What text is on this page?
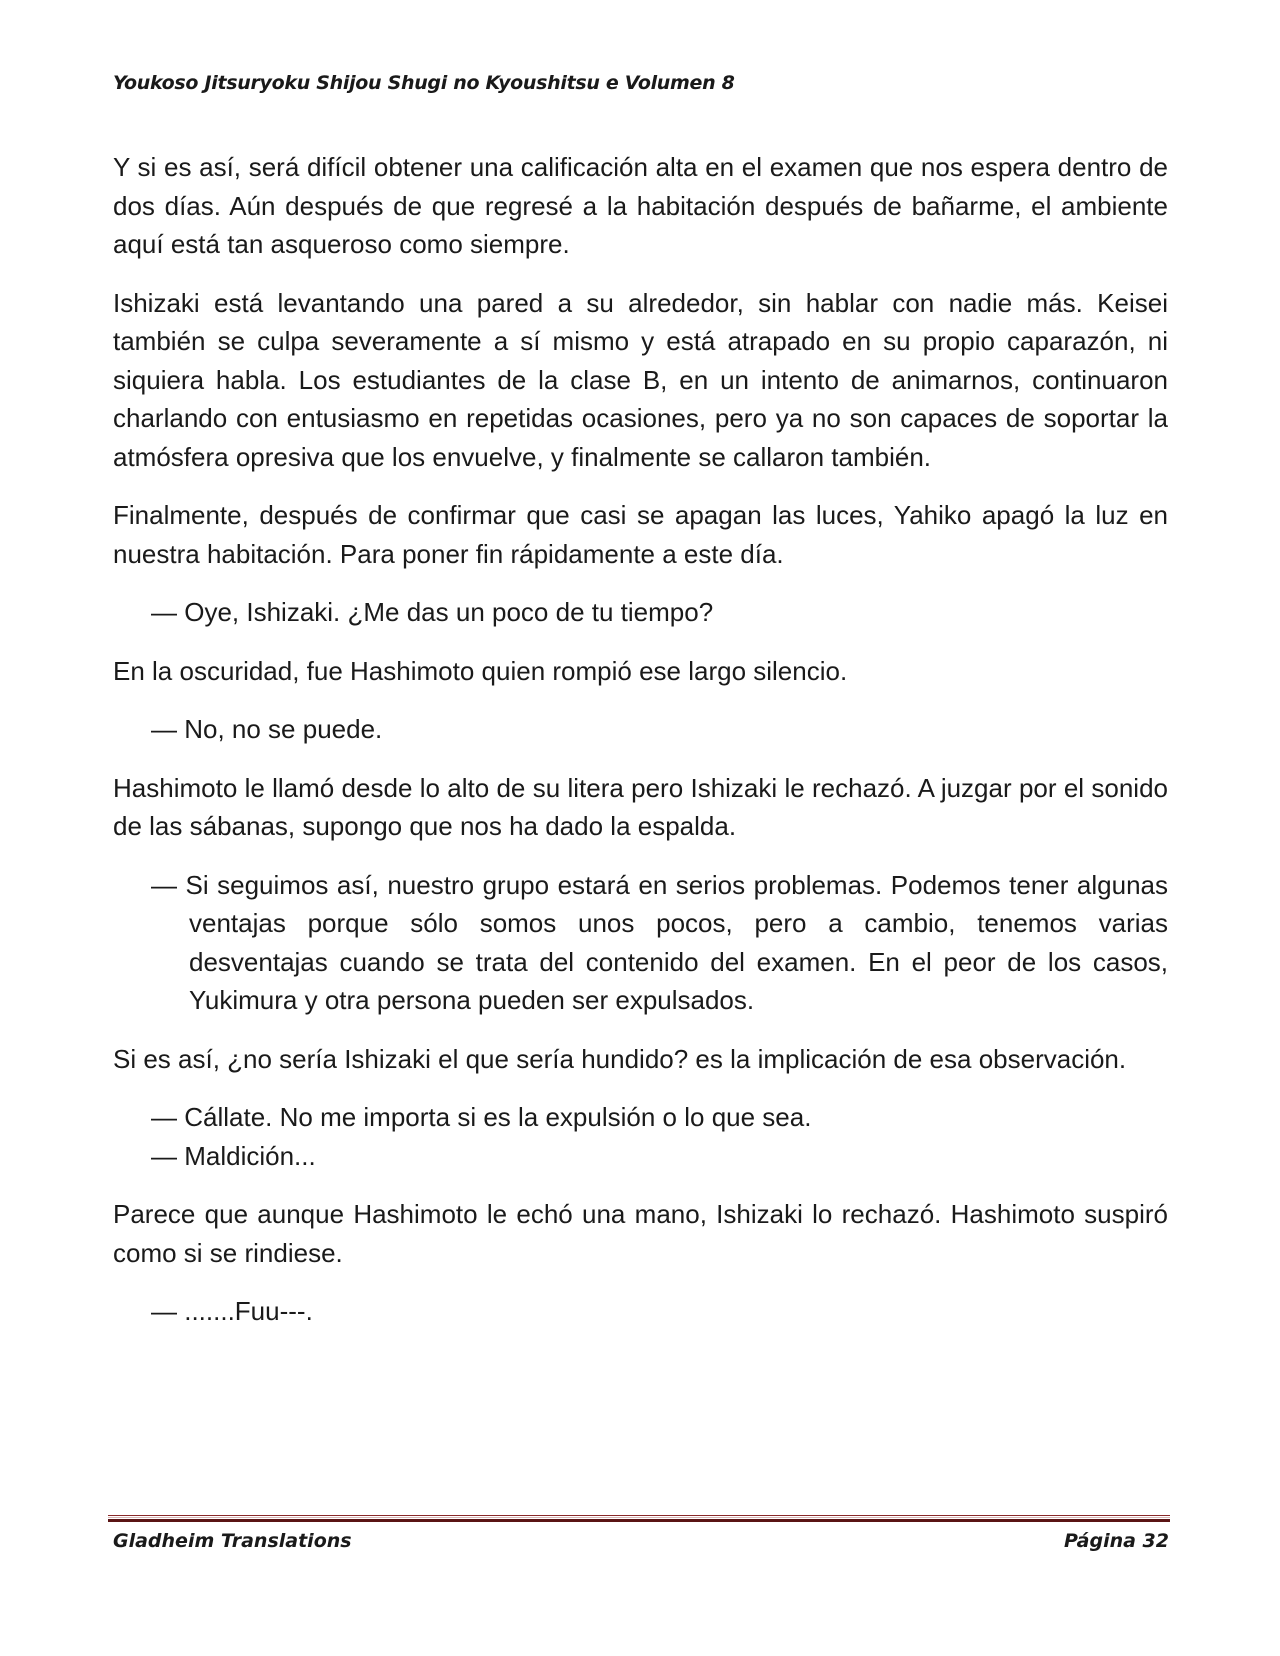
Youkoso Jitsuryoku Shijou Shugi no Kyoushitsu e Volumen 8

Y si es así, será difícil obtener una calificación alta en el examen que nos espera dentro de dos días. Aún después de que regresé a la habitación después de bañarme, el ambiente aquí está tan asqueroso como siempre.

Ishizaki está levantando una pared a su alrededor, sin hablar con nadie más. Keisei también se culpa severamente a sí mismo y está atrapado en su propio caparazón, ni siquiera habla. Los estudiantes de la clase B, en un intento de animarnos, continuaron charlando con entusiasmo en repetidas ocasiones, pero ya no son capaces de soportar la atmósfera opresiva que los envuelve, y finalmente se callaron también.

Finalmente, después de confirmar que casi se apagan las luces, Yahiko apagó la luz en nuestra habitación. Para poner fin rápidamente a este día.

— Oye, Ishizaki. ¿Me das un poco de tu tiempo?

En la oscuridad, fue Hashimoto quien rompió ese largo silencio.

— No, no se puede.

Hashimoto le llamó desde lo alto de su litera pero Ishizaki le rechazó. A juzgar por el sonido de las sábanas, supongo que nos ha dado la espalda.

— Si seguimos así, nuestro grupo estará en serios problemas. Podemos tener algunas ventajas porque sólo somos unos pocos, pero a cambio, tenemos varias desventajas cuando se trata del contenido del examen. En el peor de los casos, Yukimura y otra persona pueden ser expulsados.

Si es así, ¿no sería Ishizaki el que sería hundido? es la implicación de esa observación.

— Cállate. No me importa si es la expulsión o lo que sea.

— Maldición...

Parece que aunque Hashimoto le echó una mano, Ishizaki lo rechazó. Hashimoto suspiró como si se rindiese.

— .......Fuu---.

Gladheim Translations	Página 32
